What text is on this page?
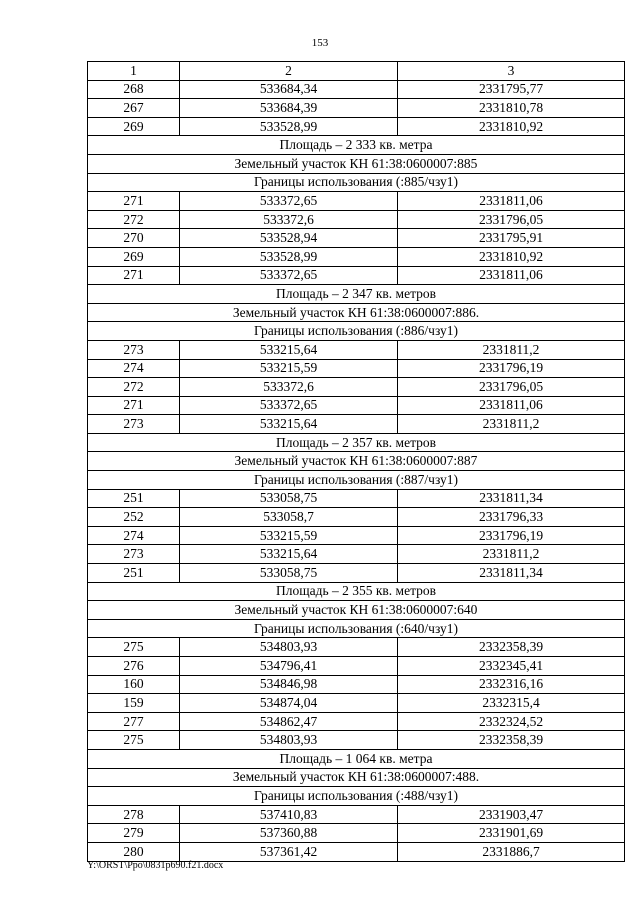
153
1	2	3
268	533684,34	2331795,77
267	533684,39	2331810,78
269	533528,99	2331810,92
Площадь – 2 333 кв. метра		
Земельный участок КН 61:38:0600007:885		
Границы использования (:885/чзу1)		
271	533372,65	2331811,06
272	533372,6	2331796,05
270	533528,94	2331795,91
269	533528,99	2331810,92
271	533372,65	2331811,06
Площадь – 2 347 кв. метров		
Земельный участок КН 61:38:0600007:886.		
Границы использования (:886/чзу1)		
273	533215,64	2331811,2
274	533215,59	2331796,19
272	533372,6	2331796,05
271	533372,65	2331811,06
273	533215,64	2331811,2
Площадь – 2 357 кв. метров		
Земельный участок КН 61:38:0600007:887		
Границы использования (:887/чзу1)		
251	533058,75	2331811,34
252	533058,7	2331796,33
274	533215,59	2331796,19
273	533215,64	2331811,2
251	533058,75	2331811,34
Площадь – 2 355 кв. метров		
Земельный участок КН 61:38:0600007:640		
Границы использования (:640/чзу1)		
275	534803,93	2332358,39
276	534796,41	2332345,41
160	534846,98	2332316,16
159	534874,04	2332315,4
277	534862,47	2332324,52
275	534803,93	2332358,39
Площадь – 1 064 кв. метра		
Земельный участок КН 61:38:0600007:488.		
Границы использования (:488/чзу1)		
278	537410,83	2331903,47
279	537360,88	2331901,69
280	537361,42	2331886,7
Y:\ORST\Ppo\0831p690.f21.docx
